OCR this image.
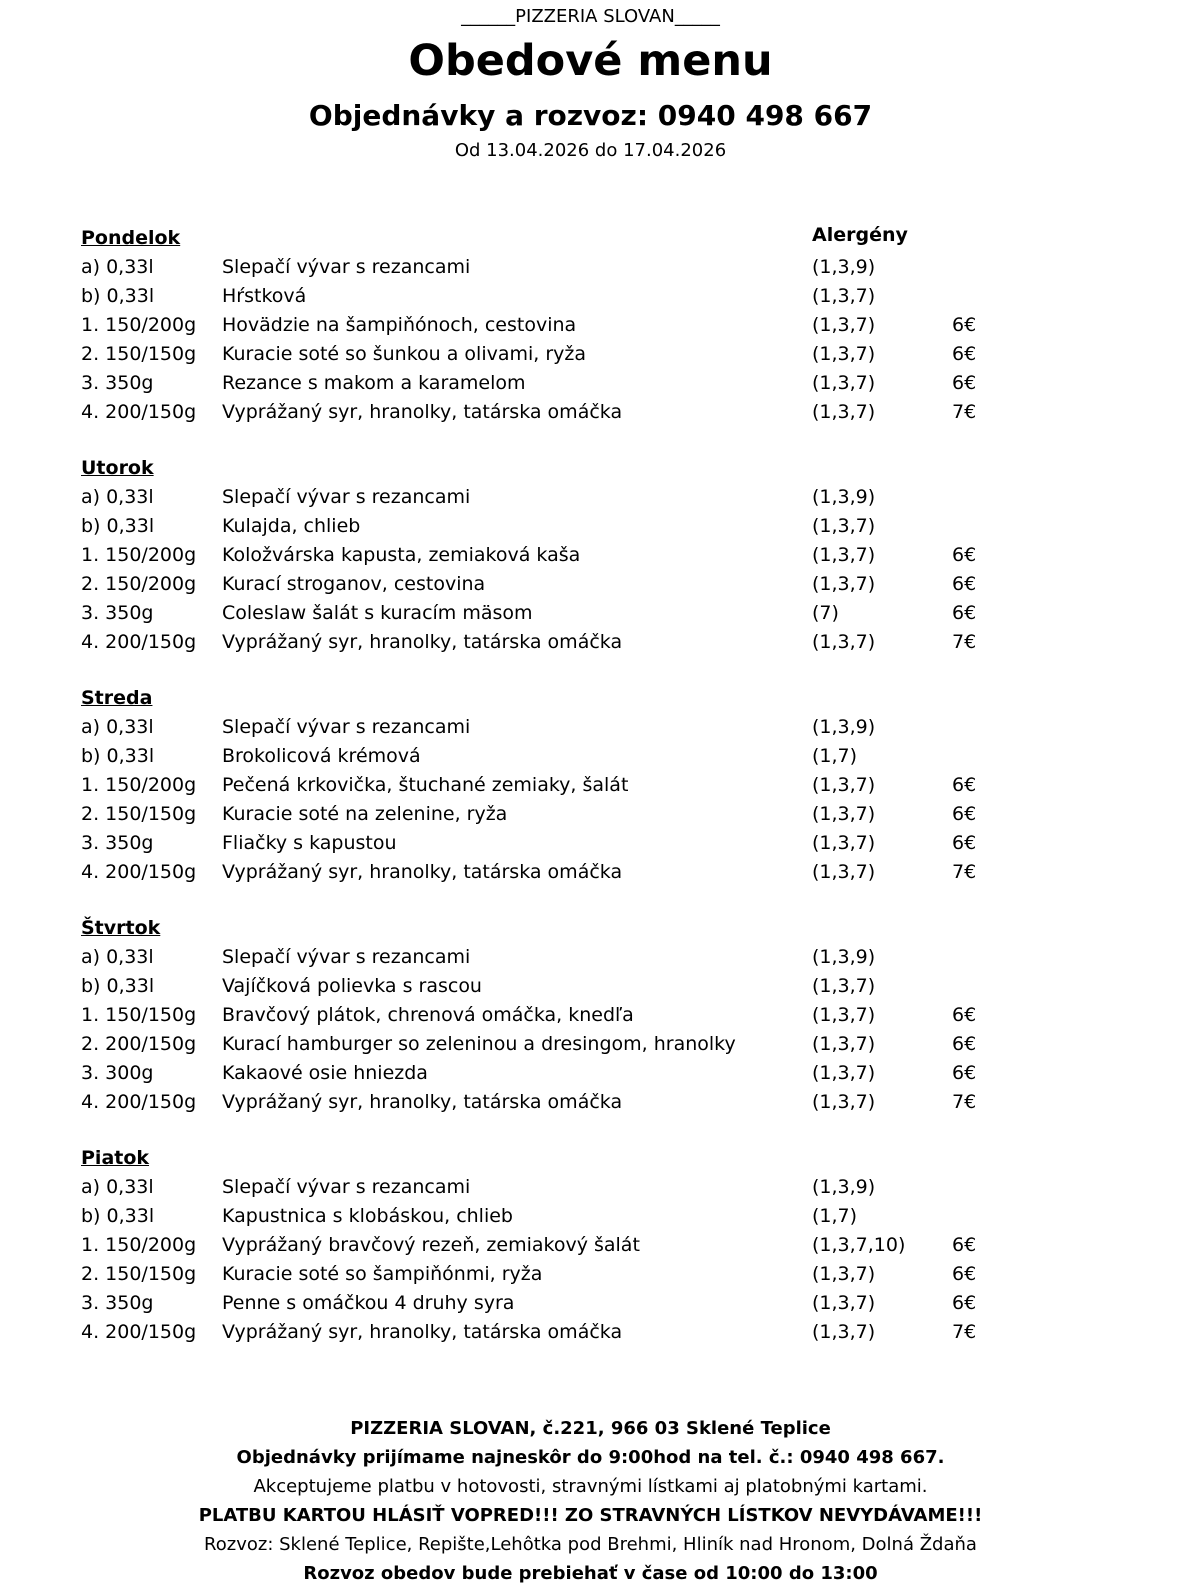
______PIZZERIA SLOVAN_____
Obedové menu
Objednávky a rozvoz: 0940 498 667
Od 13.04.2026 do 17.04.2026
Alergény
Pondelok
a) 0,33l	Slepačí vývar s rezancami	(1,3,9)
b) 0,33l	Hŕstková	(1,3,7)
1. 150/200g Hovädzie na šampiňónoch, cestovina	(1,3,7)	6€
2. 150/150g Kuracie soté so šunkou a olivami, ryža	(1,3,7)	6€
3. 350g	Rezance s makom a karamelom	(1,3,7)	6€
4. 200/150g Vyprážaný syr, hranolky, tatárska omáčka	(1,3,7)	7€
Utorok
a) 0,33l	Slepačí vývar s rezancami	(1,3,9)
b) 0,33l	Kulajda, chlieb	(1,3,7)
1. 150/200g Koložvárska kapusta, zemiaková kaša	(1,3,7)	6€
2. 150/200g Kurací stroganov, cestovina	(1,3,7)	6€
3. 350g	Coleslaw šalát s kuracím mäsom	(7)	6€
4. 200/150g Vyprážaný syr, hranolky, tatárska omáčka	(1,3,7)	7€
Streda
a) 0,33l	Slepačí vývar s rezancami	(1,3,9)
b) 0,33l	Brokolicová krémová	(1,7)
1. 150/200g Pečená krkovička, štuchané zemiaky, šalát	(1,3,7)	6€
2. 150/150g Kuracie soté na zelenine, ryža	(1,3,7)	6€
3. 350g	Fliačky s kapustou	(1,3,7)	6€
4. 200/150g Vyprážaný syr, hranolky, tatárska omáčka	(1,3,7)	7€
Štvrtok
a) 0,33l	Slepačí vývar s rezancami	(1,3,9)
b) 0,33l	Vajíčková polievka s rascou	(1,3,7)
1. 150/150g Bravčový plátok, chrenová omáčka, knedľa	(1,3,7)	6€
2. 200/150g Kurací hamburger so zeleninou a dresingom, hranolky	(1,3,7)	6€
3. 300g	Kakaové osie hniezda	(1,3,7)	6€
4. 200/150g Vyprážaný syr, hranolky, tatárska omáčka	(1,3,7)	7€
Piatok
a) 0,33l	Slepačí vývar s rezancami	(1,3,9)
b) 0,33l	Kapustnica s klobáskou, chlieb	(1,7)
1. 150/200g Vyprážaný bravčový rezeň, zemiakový šalát	(1,3,7,10) 6€
2. 150/150g Kuracie soté so šampiňónmi, ryža	(1,3,7)	6€
3. 350g	Penne s omáčkou 4 druhy syra	(1,3,7)	6€
4. 200/150g Vyprážaný syr, hranolky, tatárska omáčka	(1,3,7)	7€
PIZZERIA SLOVAN, č.221, 966 03 Sklené Teplice
Objednávky prijímame najneskôr do 9:00hod na tel. č.: 0940 498 667.
Akceptujeme platbu v hotovosti, stravnými lístkami aj platobnými kartami.
PLATBU KARTOU HLÁSIŤ VOPRED!!! ZO STRAVNÝCH LÍSTKOV NEVYDÁVAME!!!
Rozvoz: Sklené Teplice, Repište,Lehôtka pod Brehmi, Hliník nad Hronom, Dolná Ždaňa
Rozvoz obedov bude prebiehať v čase od 10:00 do 13:00
